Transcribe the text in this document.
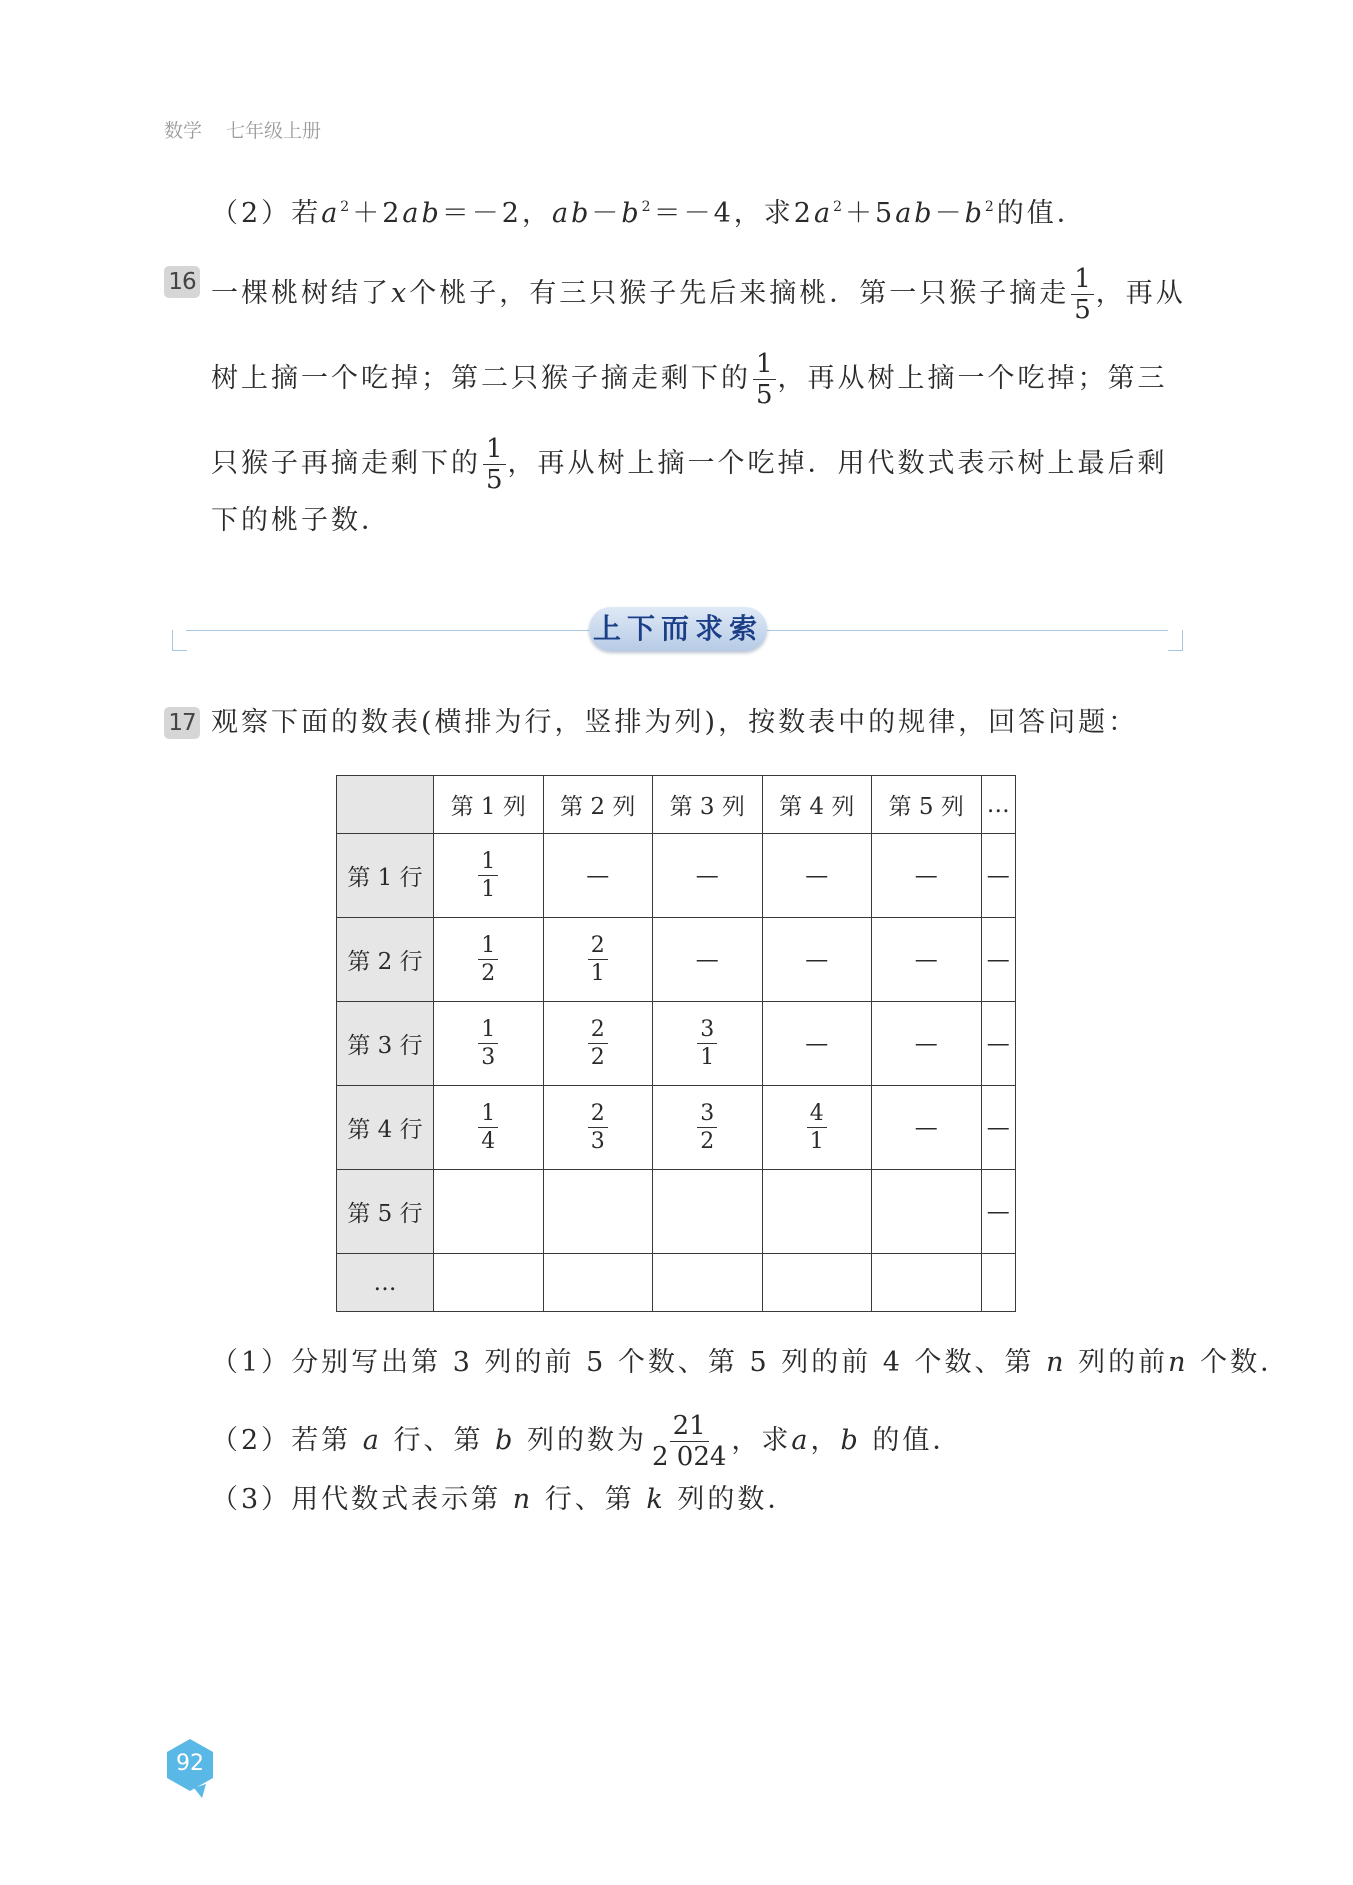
数学 七年级上册
（2）若$a^2+2ab=-2$，$ab-b^2=-4$，求$2a^2+5ab-b^2$的值．
16 一棵桃树结了x个桃子，有三只猴子先后来摘桃．第一只猴子摘走 $\frac{1}{5}$ ，再从
树上摘一个吃掉；第二只猴子摘走剩下的 $\frac{1}{5}$ ，再从树上摘一个吃掉；第三
只猴子再摘走剩下的 $\frac{1}{5}$ ，再从树上摘一个吃掉．用代数式表示树上最后剩
下的桃子数．
上下而求索
17 观察下面的数表(横排为行，竖排为列)，按数表中的规律，回答问题：
	第 1 列	第 2 列	第 3 列	第 4 列	第 5 列	…
第 1 行	$\frac{1}{1}$	—	—	—	—	—
第 2 行	$\frac{1}{2}$	$\frac{2}{1}$	—	—	—	—
第 3 行	$\frac{1}{3}$	$\frac{2}{2}$	$\frac{3}{1}$	—	—	—
第 4 行	$\frac{1}{4}$	$\frac{2}{3}$	$\frac{3}{2}$	$\frac{4}{1}$	—	—
第 5 行						—
…						
（1）分别写出第 3 列的前 5 个数、第 5 列的前 4 个数、第 n 列的前n 个数．
（2）若第 a 行、第 b 列的数为 $\frac{21}{2 024}$ ，求a，b 的值．
（3）用代数式表示第 n 行、第 k 列的数．
92
